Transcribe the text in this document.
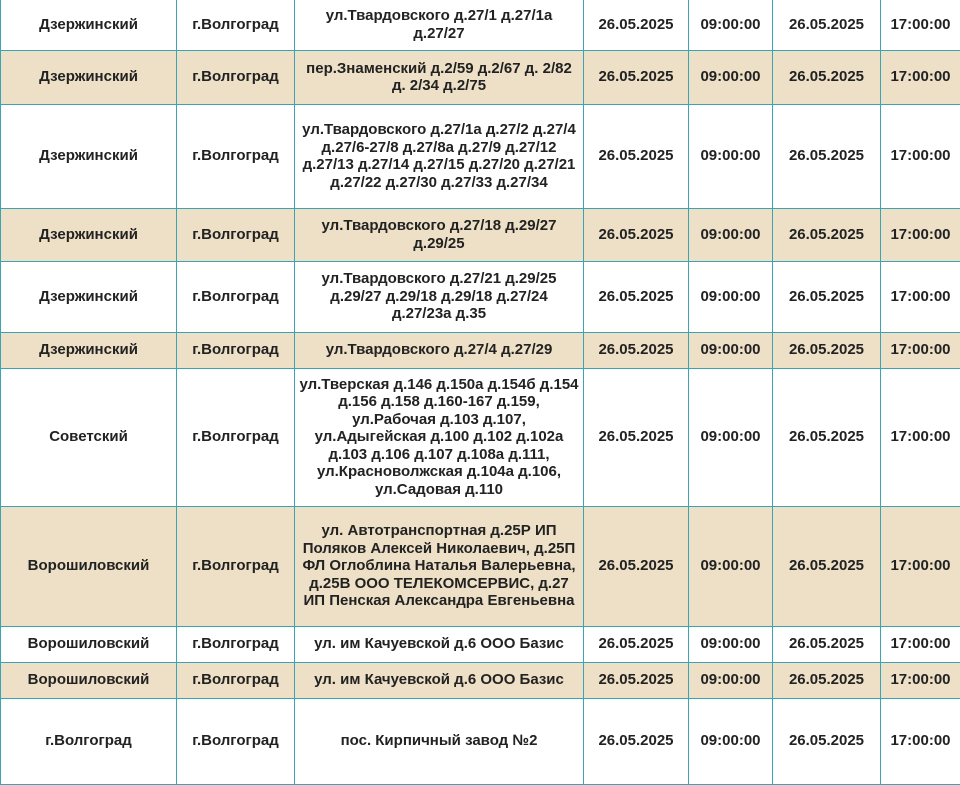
Дзержинский	г.Волгоград	ул.Твардовского д.27/1 д.27/1а д.27/27	26.05.2025	09:00:00	26.05.2025	17:00:00
Дзержинский	г.Волгоград	пер.Знаменский д.2/59 д.2/67 д. 2/82 д. 2/34 д.2/75	26.05.2025	09:00:00	26.05.2025	17:00:00
Дзержинский	г.Волгоград	ул.Твардовского д.27/1а д.27/2 д.27/4 д.27/6-27/8 д.27/8а д.27/9 д.27/12 д.27/13 д.27/14 д.27/15 д.27/20 д.27/21 д.27/22 д.27/30 д.27/33 д.27/34	26.05.2025	09:00:00	26.05.2025	17:00:00
Дзержинский	г.Волгоград	ул.Твардовского д.27/18 д.29/27 д.29/25	26.05.2025	09:00:00	26.05.2025	17:00:00
Дзержинский	г.Волгоград	ул.Твардовского д.27/21 д.29/25 д.29/27 д.29/18 д.29/18 д.27/24 д.27/23а д.35	26.05.2025	09:00:00	26.05.2025	17:00:00
Дзержинский	г.Волгоград	ул.Твардовского д.27/4 д.27/29	26.05.2025	09:00:00	26.05.2025	17:00:00
Советский	г.Волгоград	ул.Тверская д.146 д.150а д.154б д.154 д.156 д.158 д.160-167 д.159, ул.Рабочая д.103 д.107, ул.Адыгейская д.100 д.102 д.102а д.103 д.106 д.107 д.108а д.111, ул.Красноволжская д.104а д.106, ул.Садовая д.110	26.05.2025	09:00:00	26.05.2025	17:00:00
Ворошиловский	г.Волгоград	ул. Автотранспортная д.25Р ИП Поляков Алексей Николаевич, д.25П ФЛ Оглоблина Наталья Валерьевна, д.25В ООО ТЕЛЕКОМСЕРВИС, д.27 ИП Пенская Александра Евгеньевна	26.05.2025	09:00:00	26.05.2025	17:00:00
Ворошиловский	г.Волгоград	ул. им Качуевской д.6 ООО Базис	26.05.2025	09:00:00	26.05.2025	17:00:00
Ворошиловский	г.Волгоград	ул. им Качуевской д.6 ООО Базис	26.05.2025	09:00:00	26.05.2025	17:00:00
г.Волгоград	г.Волгоград	пос. Кирпичный завод №2	26.05.2025	09:00:00	26.05.2025	17:00:00
